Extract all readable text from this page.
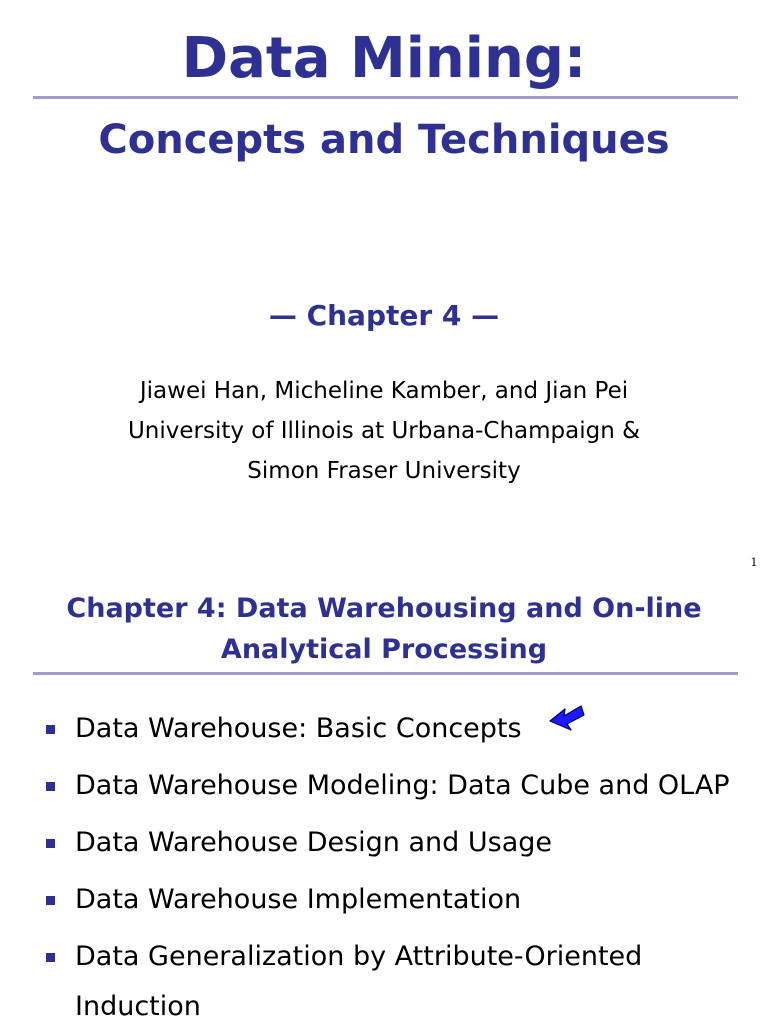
Data Mining:
Concepts and Techniques
— Chapter 4 —
Jiawei Han, Micheline Kamber, and Jian Pei
University of Illinois at Urbana-Champaign &
Simon Fraser University
1
Chapter 4: Data Warehousing and On-line
Analytical Processing
Data Warehouse: Basic Concepts
Data Warehouse Modeling: Data Cube and OLAP
Data Warehouse Design and Usage
Data Warehouse Implementation
Data Generalization by Attribute-Oriented Induction
